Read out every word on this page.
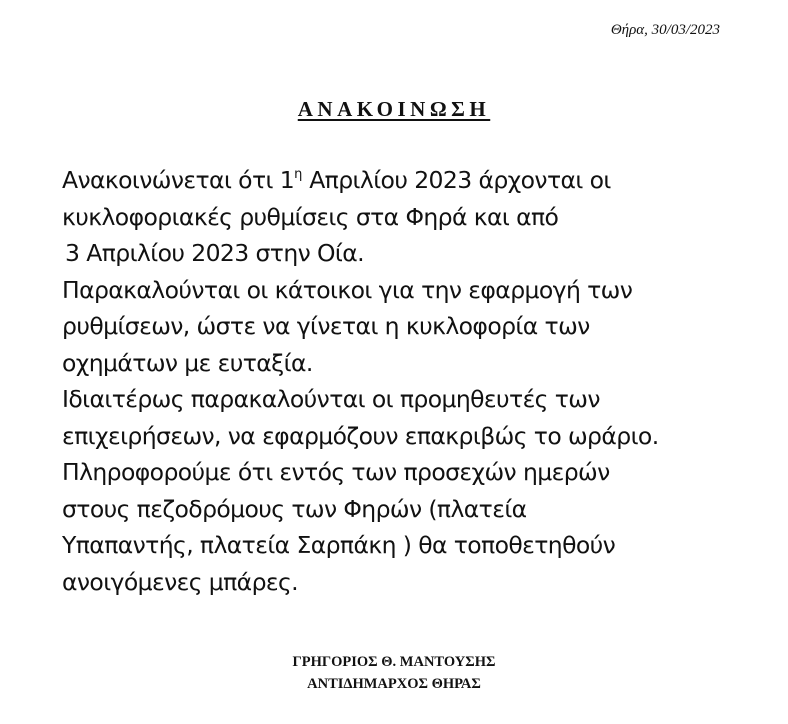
Θήρα, 30/03/2023
ΑΝΑΚΟΙΝΩΣΗ
Ανακοινώνεται ότι $1^\eta$ Απριλίου 2023 άρχονται οι
κυκλοφοριακές ρυθμίσεις στα Φηρά και από
3 Απριλίου 2023 στην Οία.
Παρακαλούνται οι κάτοικοι για την εφαρμογή των
ρυθμίσεων, ώστε να γίνεται η κυκλοφορία των
οχημάτων με ευταξία.
Ιδιαιτέρως παρακαλούνται οι προμηθευτές των
επιχειρήσεων, να εφαρμόζουν επακριβώς το ωράριο.
Πληροφορούμε ότι εντός των προσεχών ημερών
στους πεζοδρόμους των Φηρών (πλατεία
Υπαπαντής, πλατεία Σαρπάκη ) θα τοποθετηθούν
ανοιγόμενες μπάρες.
ΓΡΗΓΟΡΙΟΣ Θ. ΜΑΝΤΟΥΣΗΣ
ΑΝΤΙΔΗΜΑΡΧΟΣ ΘΗΡΑΣ
